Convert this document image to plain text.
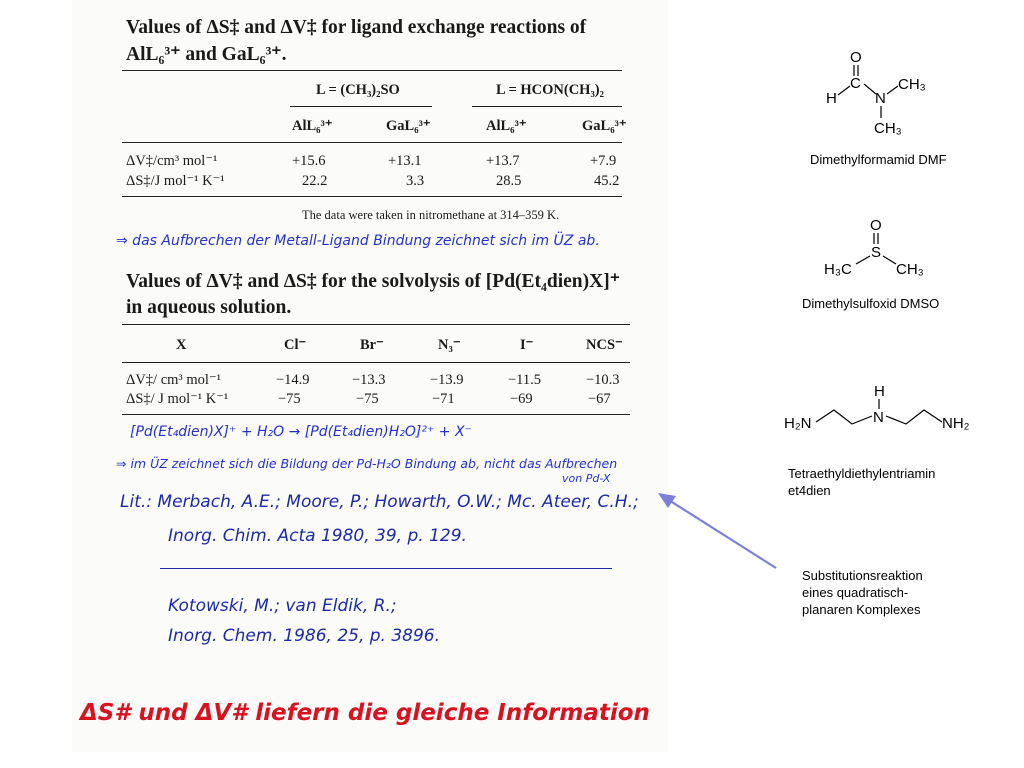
Values of ΔS‡ and ΔV‡ for ligand exchange reactions of
AlL₆³⁺ and GaL₆³⁺.
L = (CH₃)₂SO	L = HCON(CH₃)₂
AlL₆³⁺	GaL₆³⁺	AlL₆³⁺	GaL₆³⁺
ΔV‡/cm³ mol⁻¹	+15.6	+13.1	+13.7	+7.9
ΔS‡/J mol⁻¹ K⁻¹	22.2	3.3	28.5	45.2
The data were taken in nitromethane at 314–359 K.
⇒ das Aufbrechen der Metall-Ligand Bindung zeichnet sich im ÜZ ab.
Values of ΔV‡ and ΔS‡ for the solvolysis of [Pd(Et₄dien)X]⁺
in aqueous solution.
X	Cl⁻	Br⁻	N₃⁻	I⁻	NCS⁻
ΔV‡/ cm³ mol⁻¹	−14.9	−13.3	−13.9	−11.5	−10.3
ΔS‡/ J mol⁻¹ K⁻¹	−75	−75	−71	−69	−67
[Pd(Et₄dien)X]⁺ + H₂O → [Pd(Et₄dien)H₂O]²⁺ + X⁻
⇒ im ÜZ zeichnet sich die Bildung der Pd-H₂O Bindung ab, nicht das Aufbrechen
von Pd-X
Lit.: Merbach, A.E.; Moore, P.; Howarth, O.W.; Mc. Ateer, C.H.;
Inorg. Chim. Acta 1980, 39, p. 129.
Kotowski, M.; van Eldik, R.;
Inorg. Chem. 1986, 25, p. 3896.
ΔS# und ΔV# liefern die gleiche Information
O
C
H	N
CH₃
CH₃
Dimethylformamid DMF
O
S
H₃C	CH₃
Dimethylsulfoxid DMSO
H
N
H₂N	NH₂
Tetraethyldiethylentriamin
et4dien
Substitutionsreaktion
eines quadratisch-
planaren Komplexes
